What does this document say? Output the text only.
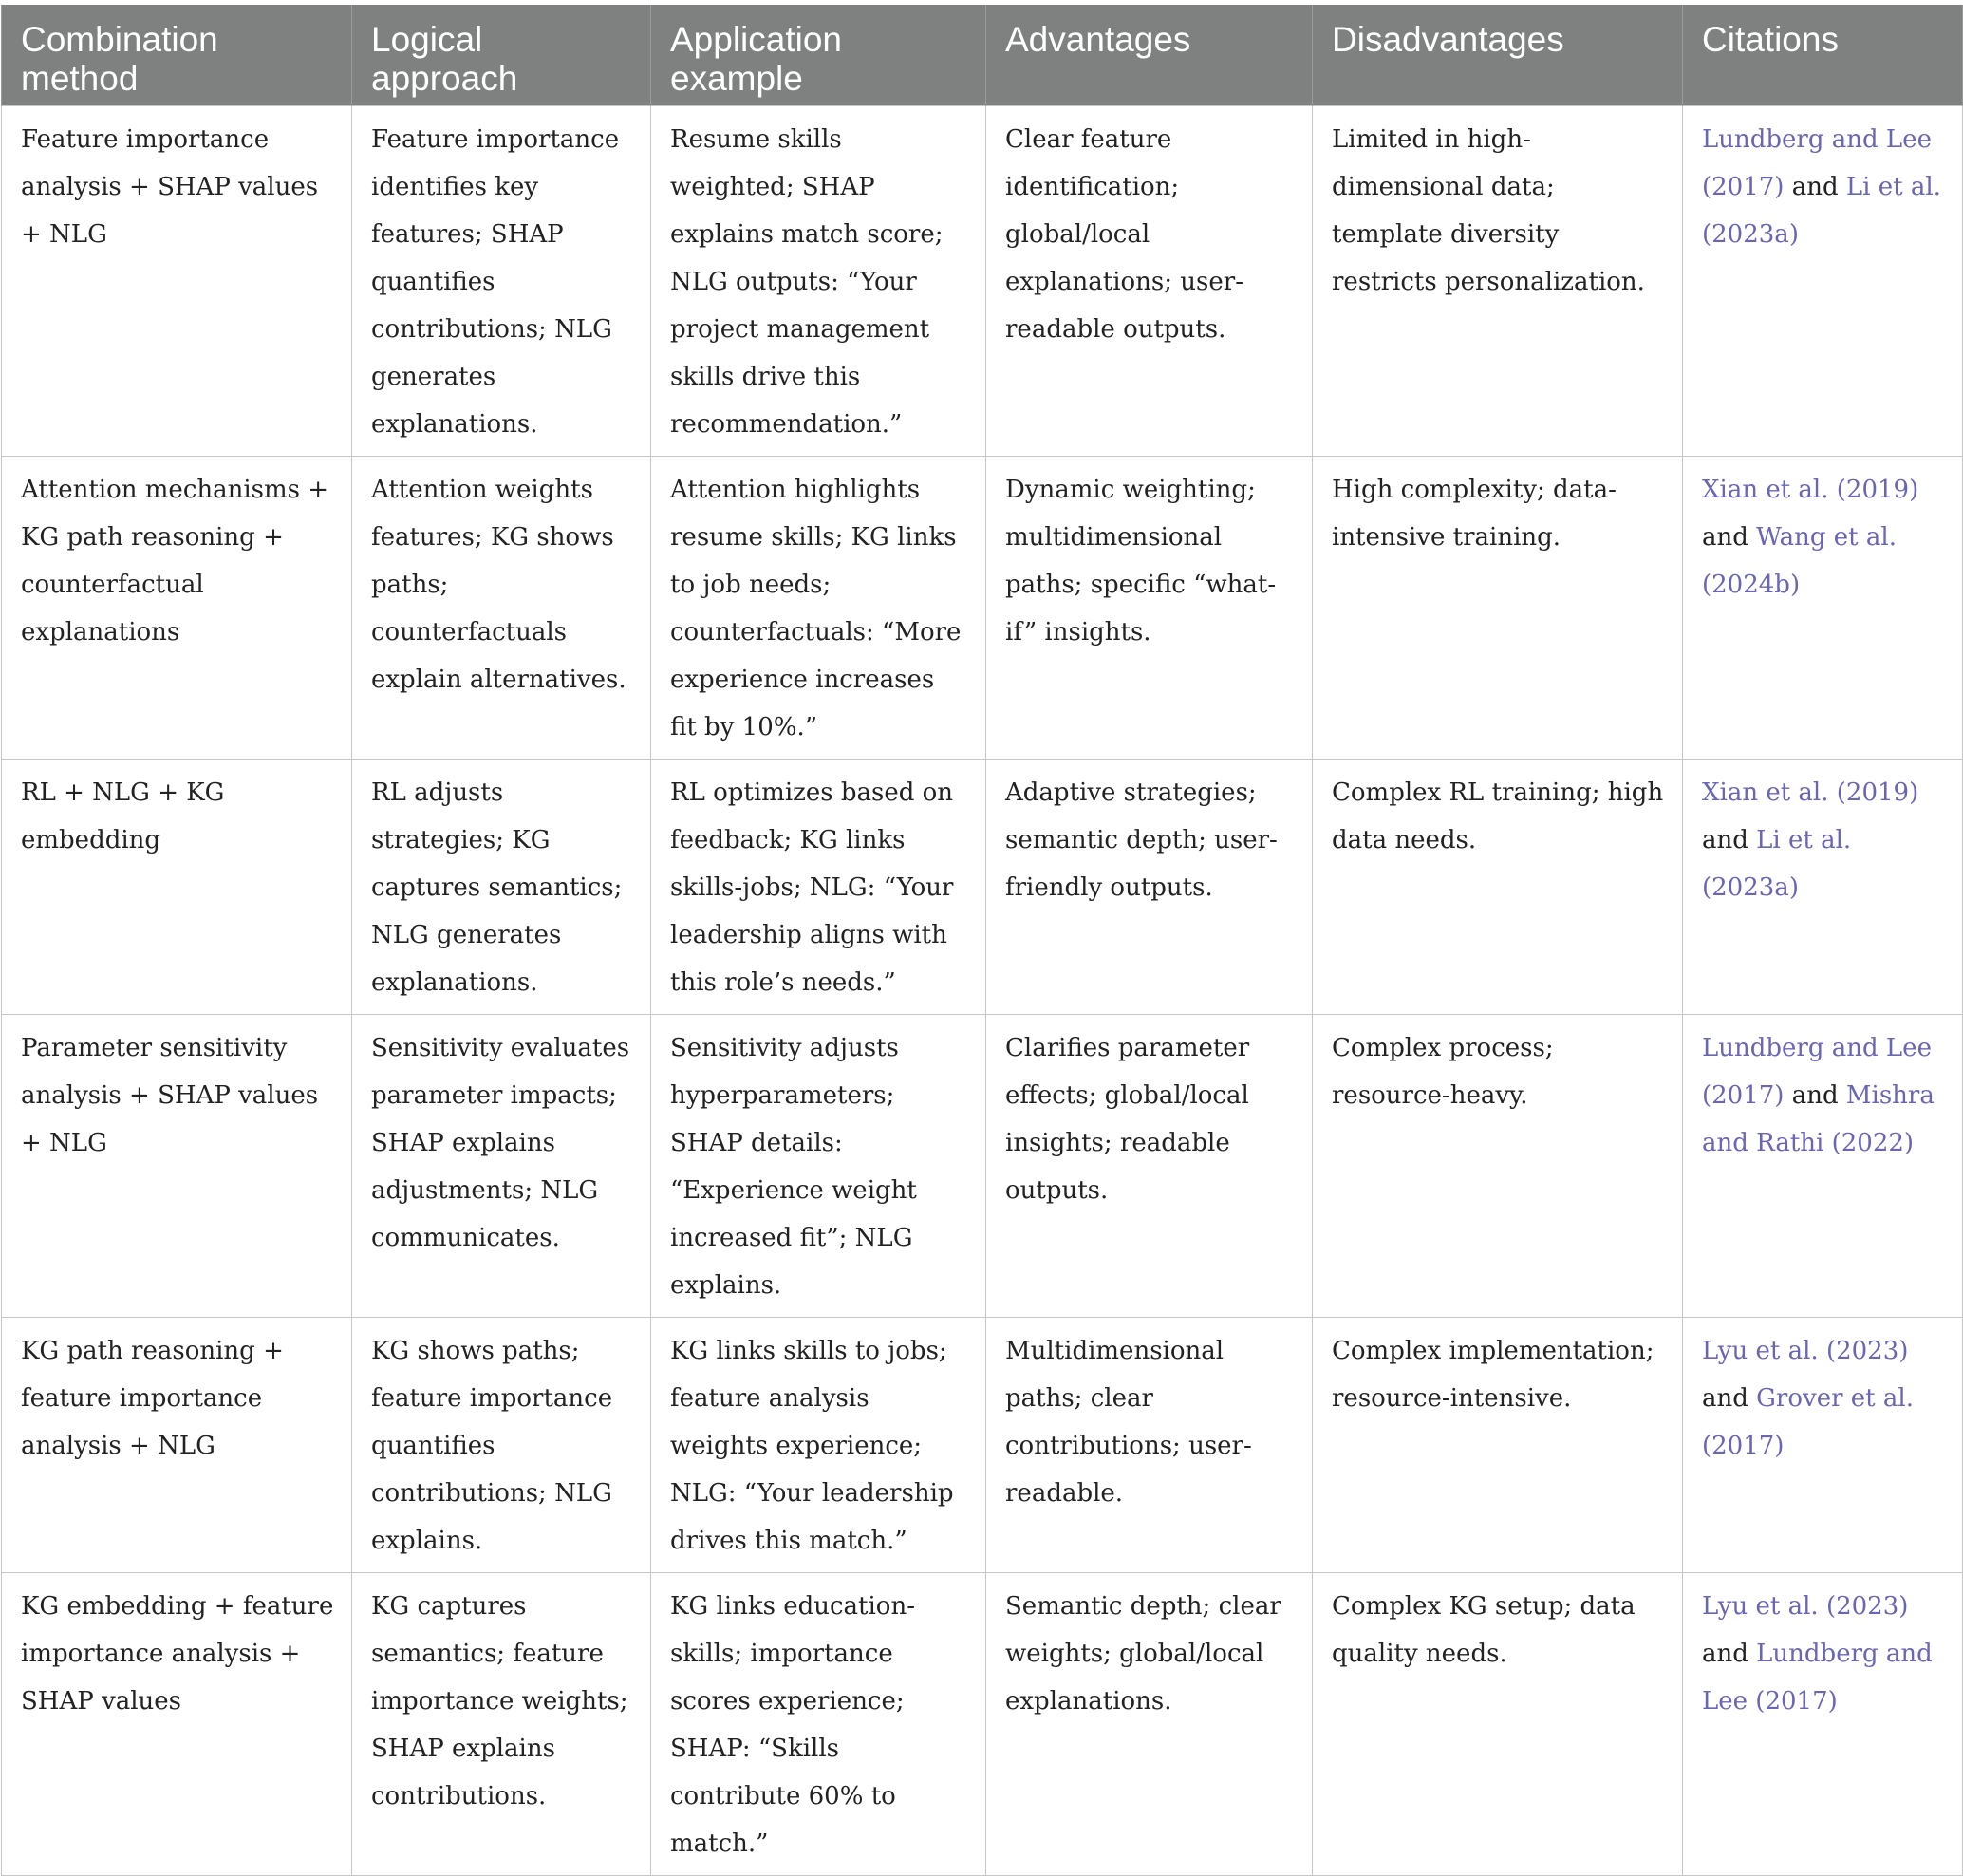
Combination method	Logical approach	Application example	Advantages	Disadvantages	Citations
Feature importance analysis + SHAP values + NLG	Feature importance identifies key features; SHAP quantifies contributions; NLG generates explanations.	Resume skills weighted; SHAP explains match score; NLG outputs: “Your project management skills drive this recommendation.”	Clear feature identification; global/local explanations; user-readable outputs.	Limited in high-dimensional data; template diversity restricts personalization.	Lundberg and Lee (2017) and Li et al. (2023a)
Attention mechanisms + KG path reasoning + counterfactual explanations	Attention weights features; KG shows paths; counterfactuals explain alternatives.	Attention highlights resume skills; KG links to job needs; counterfactuals: “More experience increases fit by 10%.”	Dynamic weighting; multidimensional paths; specific “what-if” insights.	High complexity; data-intensive training.	Xian et al. (2019) and Wang et al. (2024b)
RL + NLG + KG embedding	RL adjusts strategies; KG captures semantics; NLG generates explanations.	RL optimizes based on feedback; KG links skills-jobs; NLG: “Your leadership aligns with this role’s needs.”	Adaptive strategies; semantic depth; user-friendly outputs.	Complex RL training; high data needs.	Xian et al. (2019) and Li et al. (2023a)
Parameter sensitivity analysis + SHAP values + NLG	Sensitivity evaluates parameter impacts; SHAP explains adjustments; NLG communicates.	Sensitivity adjusts hyperparameters; SHAP details: “Experience weight increased fit”; NLG explains.	Clarifies parameter effects; global/local insights; readable outputs.	Complex process; resource-heavy.	Lundberg and Lee (2017) and Mishra and Rathi (2022)
KG path reasoning + feature importance analysis + NLG	KG shows paths; feature importance quantifies contributions; NLG explains.	KG links skills to jobs; feature analysis weights experience; NLG: “Your leadership drives this match.”	Multidimensional paths; clear contributions; user-readable.	Complex implementation; resource-intensive.	Lyu et al. (2023) and Grover et al. (2017)
KG embedding + feature importance analysis + SHAP values	KG captures semantics; feature importance weights; SHAP explains contributions.	KG links education-skills; importance scores experience; SHAP: “Skills contribute 60% to match.”	Semantic depth; clear weights; global/local explanations.	Complex KG setup; data quality needs.	Lyu et al. (2023) and Lundberg and Lee (2017)
